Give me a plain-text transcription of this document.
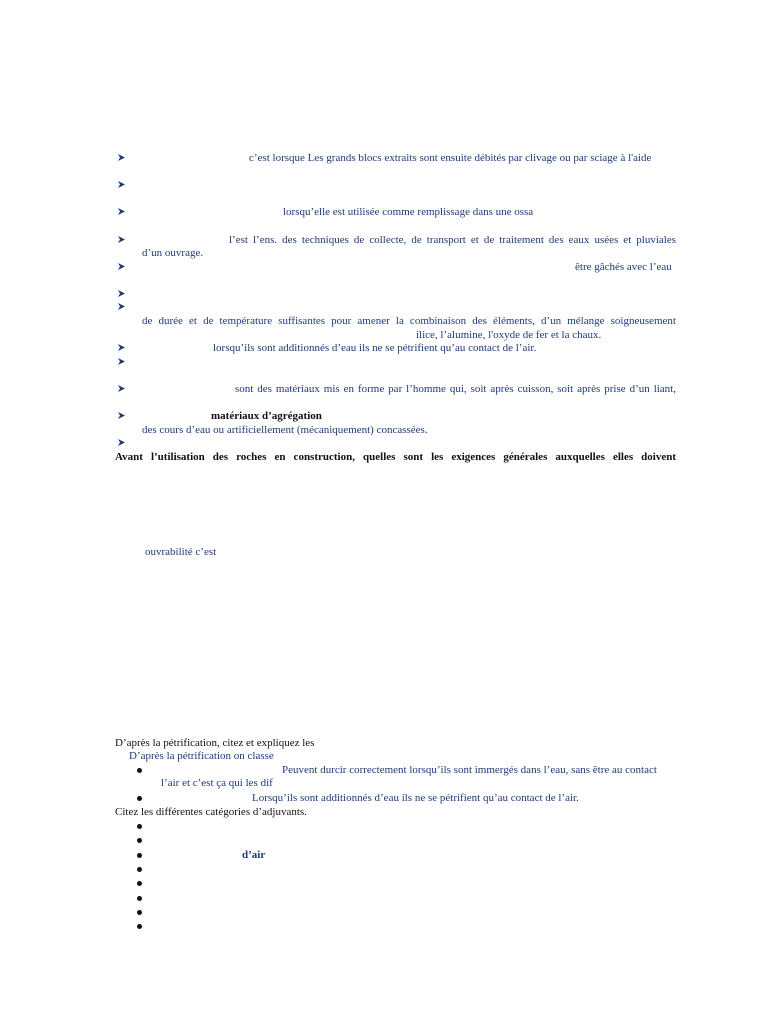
c’est lorsque Les grands blocs extraits sont ensuite débités par clivage ou par sciage à l'aide
lorsqu’elle est utilisée comme remplissage dans une ossa
l’est l’ens. des techniques de collecte, de transport et de traitement des eaux usées et pluviales
d’un ouvrage.
être gâchés avec l’eau
de durée et de température suffisantes pour amener la combinaison des éléments, d’un mélange soigneusement
ilice, l’alumine, l'oxyde de fer et la chaux.
lorsqu’ils sont additionnés d’eau ils ne se pétrifient qu’au contact de l’air.
sont des matériaux mis en forme par l’homme qui, soit après cuisson, soit après prise d’un liant,
matériaux d’agrégation
des cours d’eau ou artificiellement (mécaniquement) concassées.
Avant l’utilisation des roches en construction, quelles sont les exigences générales auxquelles elles doivent
ouvrabilité c’est
D’après la pétrification, citez et expliquez les
D’après la pétrification on classe
Peuvent durcir correctement lorsqu’ils sont immergés dans l’eau, sans être au contact
l’air et c’est ça qui les dif
Lorsqu’ils sont additionnés d’eau ils ne se pétrifient qu’au contact de l’air.
Citez les différentes catégories d’adjuvants.
d’air
